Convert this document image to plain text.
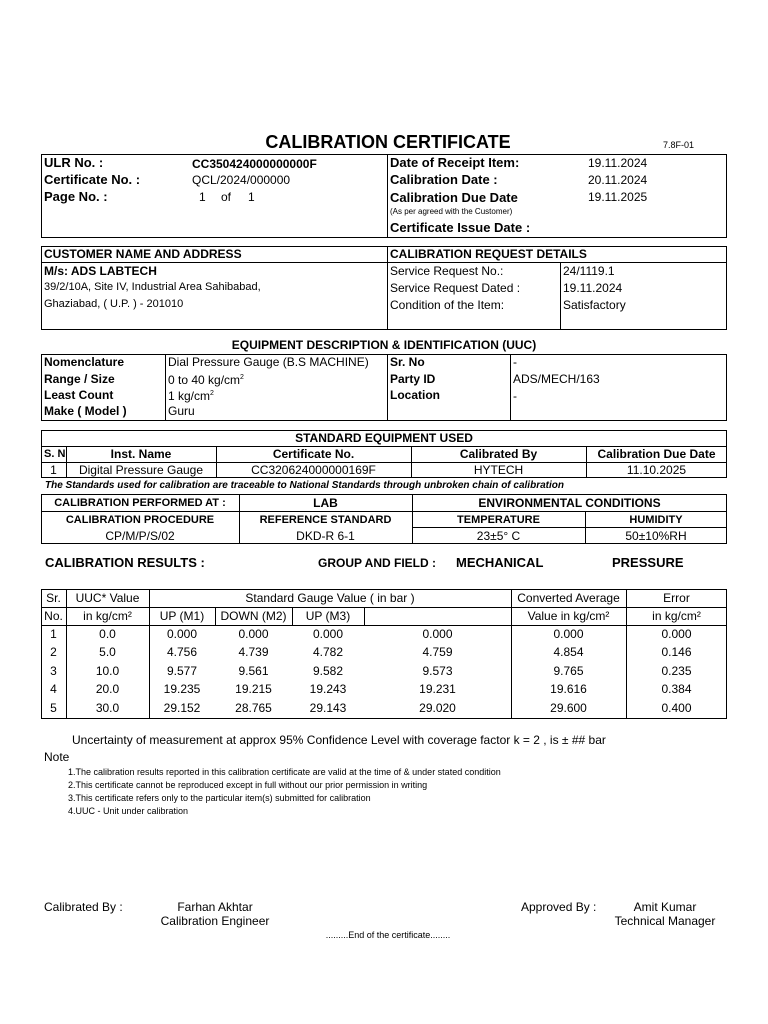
CALIBRATION CERTIFICATE	7.8F-01
ULR No. :	CC350424000000000F
Certificate No. :	QCL/2024/000000
Page No. :	1 of 1
Date of Receipt Item:	19.11.2024
Calibration Date :	20.11.2024
Calibration Due Date	19.11.2025
(As per agreed with the Customer)
Certificate Issue Date :
CUSTOMER NAME AND ADDRESS
M/s: ADS LABTECH
39/2/10A, Site IV, Industrial Area Sahibabad,
Ghaziabad, ( U.P. ) - 201010
CALIBRATION REQUEST DETAILS
Service Request No.:	24/1119.1
Service Request Dated :	19.11.2024
Condition of the Item:	Satisfactory
EQUIPMENT DESCRIPTION & IDENTIFICATION (UUC)
Nomenclature	Dial Pressure Gauge (B.S MACHINE)
Range / Size	0 to 40 $kg/cm^2$
Least Count	1 $kg/cm^2$
Make ( Model )	Guru
Sr. No	-
Party ID	ADS/MECH/163
Location	-
STANDARD EQUIPMENT USED
S. N	Inst. Name	Certificate No.	Calibrated By	Calibration Due Date
1	Digital Pressure Gauge	CC320624000000169F	HYTECH	11.10.2025
The Standards used for calibration are traceable to National Standards through unbroken chain of calibration
CALIBRATION PERFORMED AT :	LAB	ENVIRONMENTAL CONDITIONS
CALIBRATION PROCEDURE	REFERENCE STANDARD	TEMPERATURE	HUMIDITY
CP/M/P/S/02	DKD-R 6-1	23±5° C	50±10%RH
CALIBRATION RESULTS :	GROUP AND FIELD : MECHANICAL	PRESSURE
Sr.
No.
UUC* Value
in kg/cm²
Standard Gauge Value ( in bar )
UP (M1)	DOWN (M2)	UP (M3)
Converted Average
Value in kg/cm²
Error
in kg/cm²
1	0.0	0.000	0.000	0.000	0.000	0.000	0.000
2	5.0	4.756	4.739	4.782	4.759	4.854	0.146
3	10.0	9.577	9.561	9.582	9.573	9.765	0.235
4	20.0	19.235	19.215	19.243	19.231	19.616	0.384
5	30.0	29.152	28.765	29.143	29.020	29.600	0.400
Uncertainty of measurement at approx 95% Confidence Level with coverage factor k = 2 , is ± ## bar
Note
1.The calibration results reported in this calibration certificate are valid at the time of & under stated condition
2.This certificate cannot be reproduced except in full without our prior permission in writing
3.This certificate refers only to the particular item(s) submitted for calibration
4.UUC - Unit under calibration
Calibrated By :	Farhan Akhtar
Calibration Engineer
Approved By :	Amit Kumar
Technical Manager
.........End of the certificate........
